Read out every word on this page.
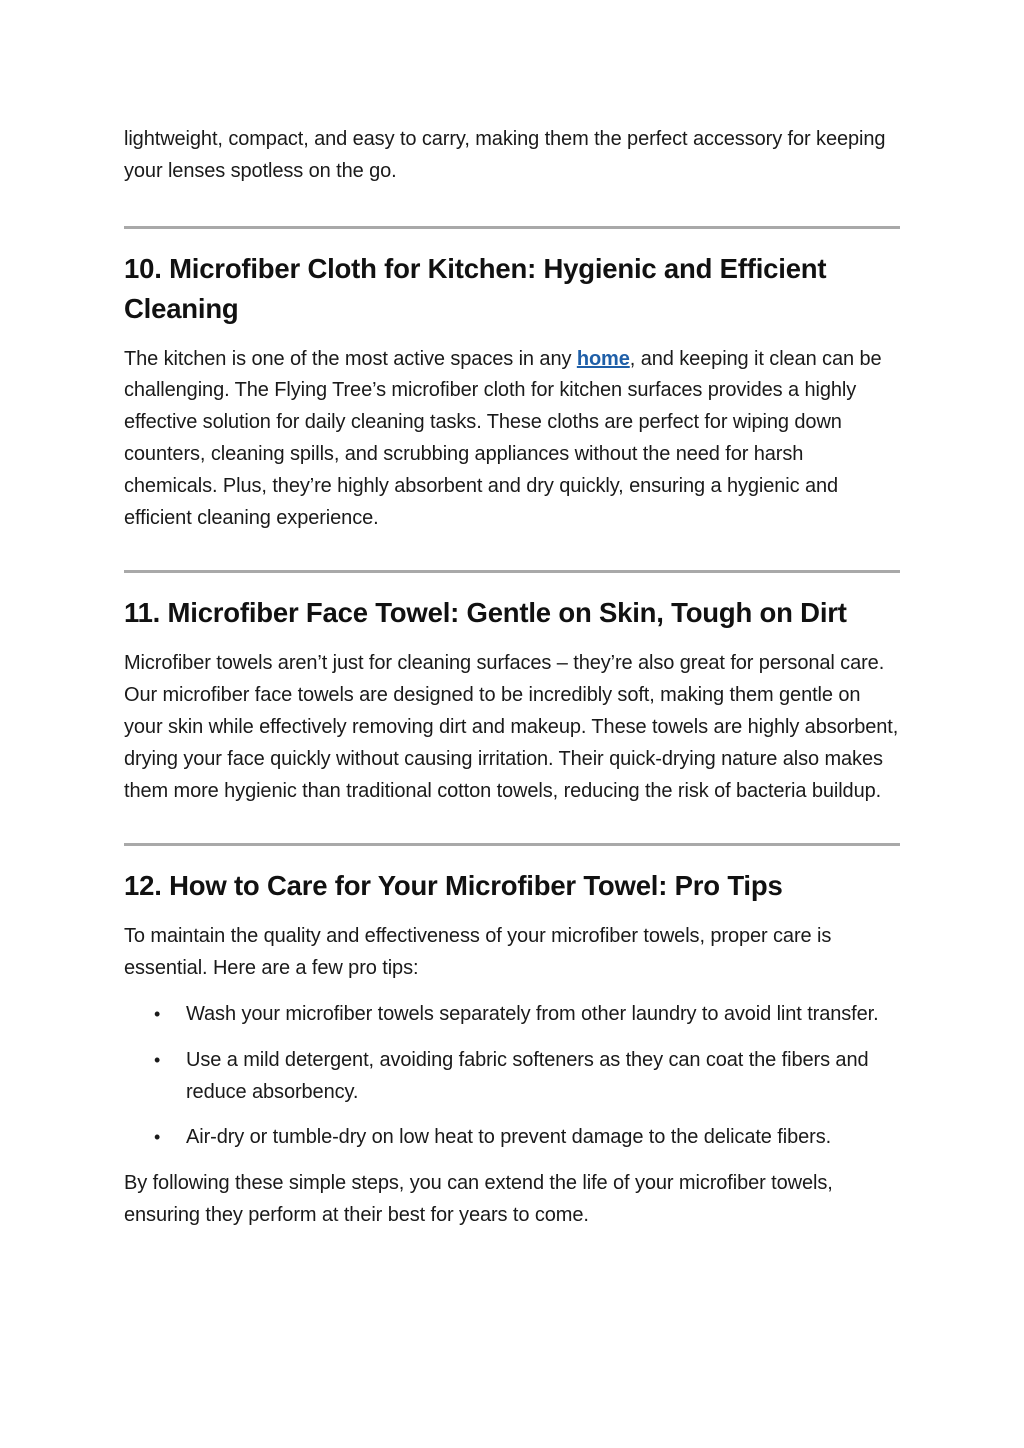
lightweight, compact, and easy to carry, making them the perfect accessory for keeping your lenses spotless on the go.

10. Microfiber Cloth for Kitchen: Hygienic and Efficient Cleaning

The kitchen is one of the most active spaces in any home, and keeping it clean can be challenging. The Flying Tree’s microfiber cloth for kitchen surfaces provides a highly effective solution for daily cleaning tasks. These cloths are perfect for wiping down counters, cleaning spills, and scrubbing appliances without the need for harsh chemicals. Plus, they’re highly absorbent and dry quickly, ensuring a hygienic and efficient cleaning experience.

11. Microfiber Face Towel: Gentle on Skin, Tough on Dirt

Microfiber towels aren’t just for cleaning surfaces – they’re also great for personal care. Our microfiber face towels are designed to be incredibly soft, making them gentle on your skin while effectively removing dirt and makeup. These towels are highly absorbent, drying your face quickly without causing irritation. Their quick-drying nature also makes them more hygienic than traditional cotton towels, reducing the risk of bacteria buildup.

12. How to Care for Your Microfiber Towel: Pro Tips

To maintain the quality and effectiveness of your microfiber towels, proper care is essential. Here are a few pro tips:

• Wash your microfiber towels separately from other laundry to avoid lint transfer.
• Use a mild detergent, avoiding fabric softeners as they can coat the fibers and reduce absorbency.
• Air-dry or tumble-dry on low heat to prevent damage to the delicate fibers.

By following these simple steps, you can extend the life of your microfiber towels, ensuring they perform at their best for years to come.
